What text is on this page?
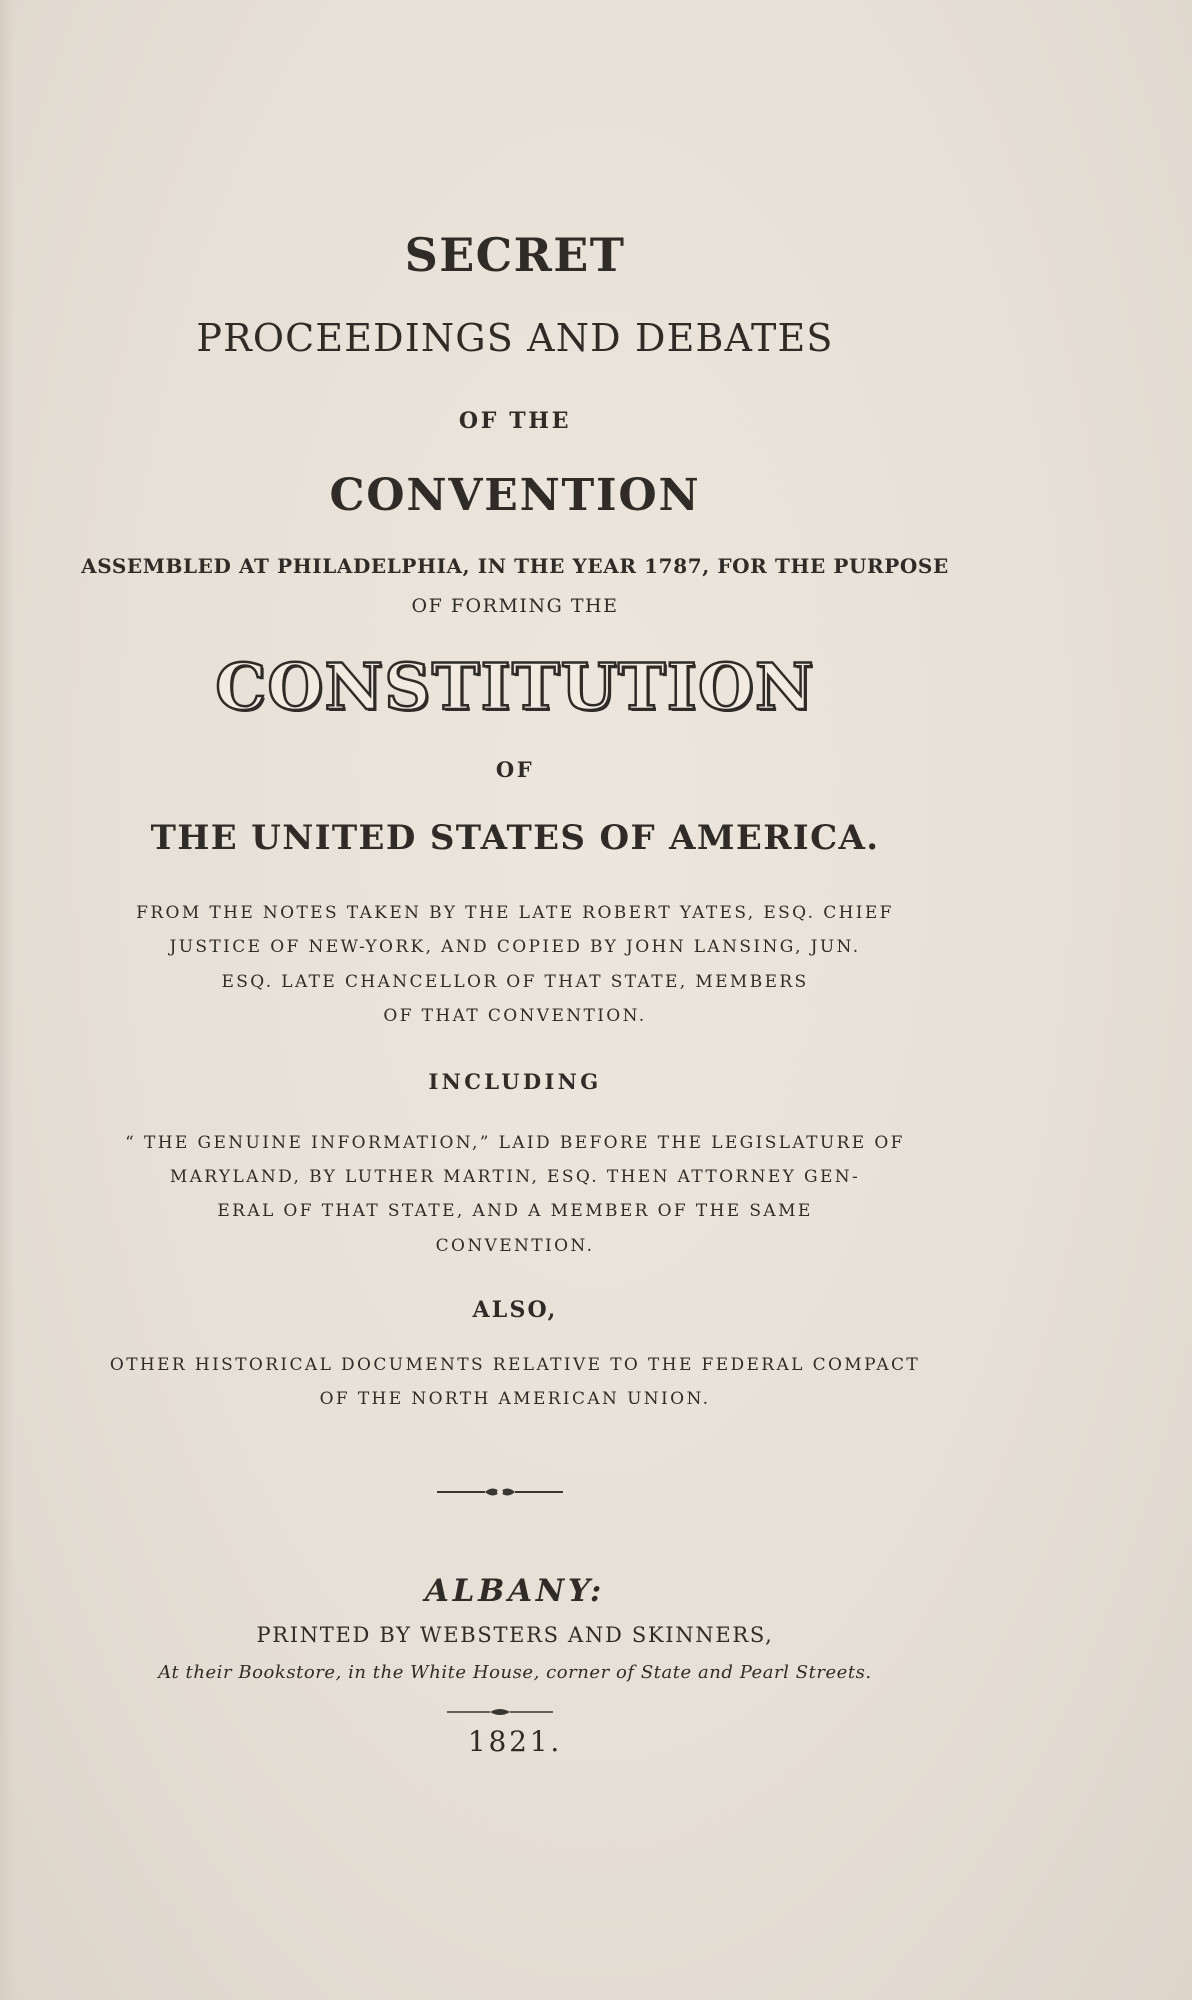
SECRET
PROCEEDINGS AND DEBATES
OF THE
CONVENTION
ASSEMBLED AT PHILADELPHIA, IN THE YEAR 1787, FOR THE PURPOSE
OF FORMING THE
CONSTITUTION
OF
THE UNITED STATES OF AMERICA.
FROM THE NOTES TAKEN BY THE LATE ROBERT YATES, ESQ. CHIEF
JUSTICE OF NEW-YORK, AND COPIED BY JOHN LANSING, JUN.
ESQ. LATE CHANCELLOR OF THAT STATE, MEMBERS
OF THAT CONVENTION.
INCLUDING
“ THE GENUINE INFORMATION,” LAID BEFORE THE LEGISLATURE OF
MARYLAND, BY LUTHER MARTIN, ESQ. THEN ATTORNEY GEN-
ERAL OF THAT STATE, AND A MEMBER OF THE SAME
CONVENTION.
ALSO,
OTHER HISTORICAL DOCUMENTS RELATIVE TO THE FEDERAL COMPACT
OF THE NORTH AMERICAN UNION.
ALBANY:
PRINTED BY WEBSTERS AND SKINNERS,
At their Bookstore, in the White House, corner of State and Pearl Streets.
1821.
